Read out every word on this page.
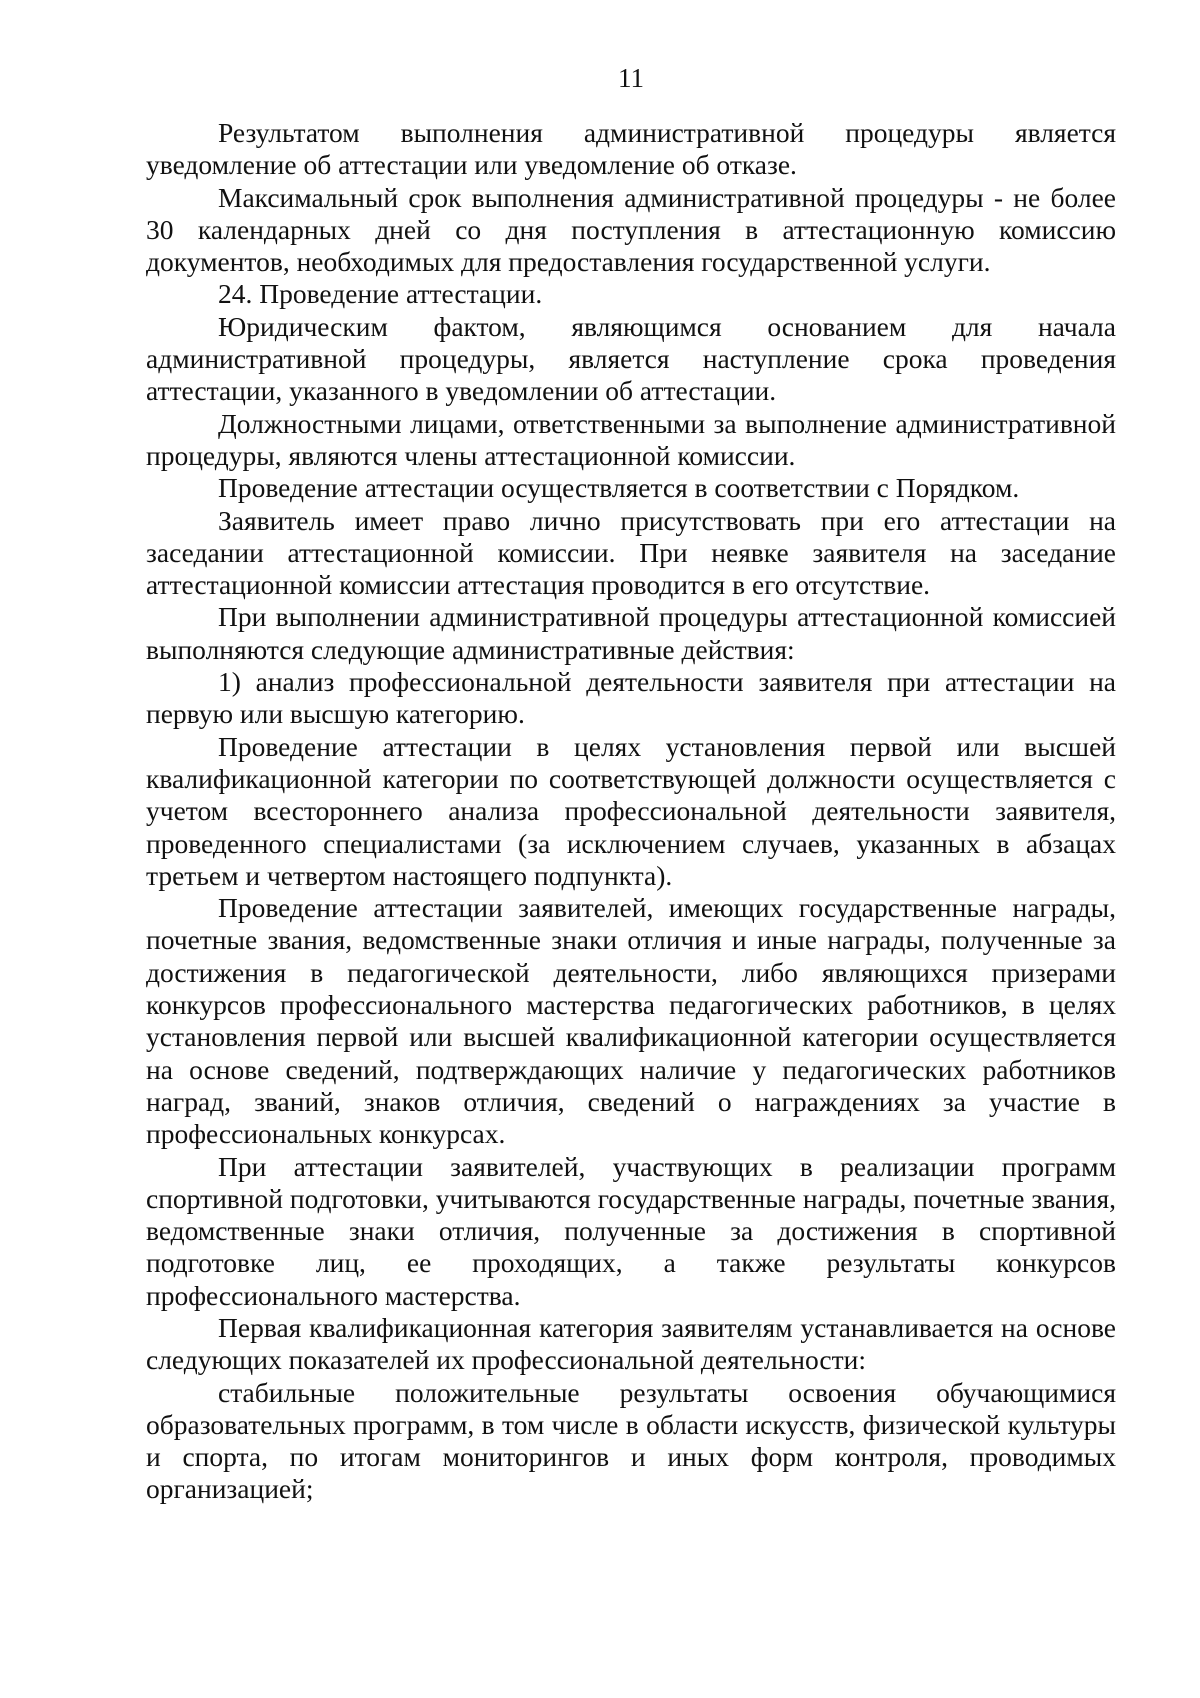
11

Результатом выполнения административной процедуры является уведомление об аттестации или уведомление об отказе.

Максимальный срок выполнения административной процедуры - не более 30 календарных дней со дня поступления в аттестационную комиссию документов, необходимых для предоставления государственной услуги.

24. Проведение аттестации.

Юридическим фактом, являющимся основанием для начала административной процедуры, является наступление срока проведения аттестации, указанного в уведомлении об аттестации.

Должностными лицами, ответственными за выполнение административной процедуры, являются члены аттестационной комиссии.

Проведение аттестации осуществляется в соответствии с Порядком.

Заявитель имеет право лично присутствовать при его аттестации на заседании аттестационной комиссии. При неявке заявителя на заседание аттестационной комиссии аттестация проводится в его отсутствие.

При выполнении административной процедуры аттестационной комиссией выполняются следующие административные действия:

1) анализ профессиональной деятельности заявителя при аттестации на первую или высшую категорию.

Проведение аттестации в целях установления первой или высшей квалификационной категории по соответствующей должности осуществляется с учетом всестороннего анализа профессиональной деятельности заявителя, проведенного специалистами (за исключением случаев, указанных в абзацах третьем и четвертом настоящего подпункта).

Проведение аттестации заявителей, имеющих государственные награды, почетные звания, ведомственные знаки отличия и иные награды, полученные за достижения в педагогической деятельности, либо являющихся призерами конкурсов профессионального мастерства педагогических работников, в целях установления первой или высшей квалификационной категории осуществляется на основе сведений, подтверждающих наличие у педагогических работников наград, званий, знаков отличия, сведений о награждениях за участие в профессиональных конкурсах.

При аттестации заявителей, участвующих в реализации программ спортивной подготовки, учитываются государственные награды, почетные звания, ведомственные знаки отличия, полученные за достижения в спортивной подготовке лиц, ее проходящих, а также результаты конкурсов профессионального мастерства.

Первая квалификационная категория заявителям устанавливается на основе следующих показателей их профессиональной деятельности:

стабильные положительные результаты освоения обучающимися образовательных программ, в том числе в области искусств, физической культуры и спорта, по итогам мониторингов и иных форм контроля, проводимых организацией;
